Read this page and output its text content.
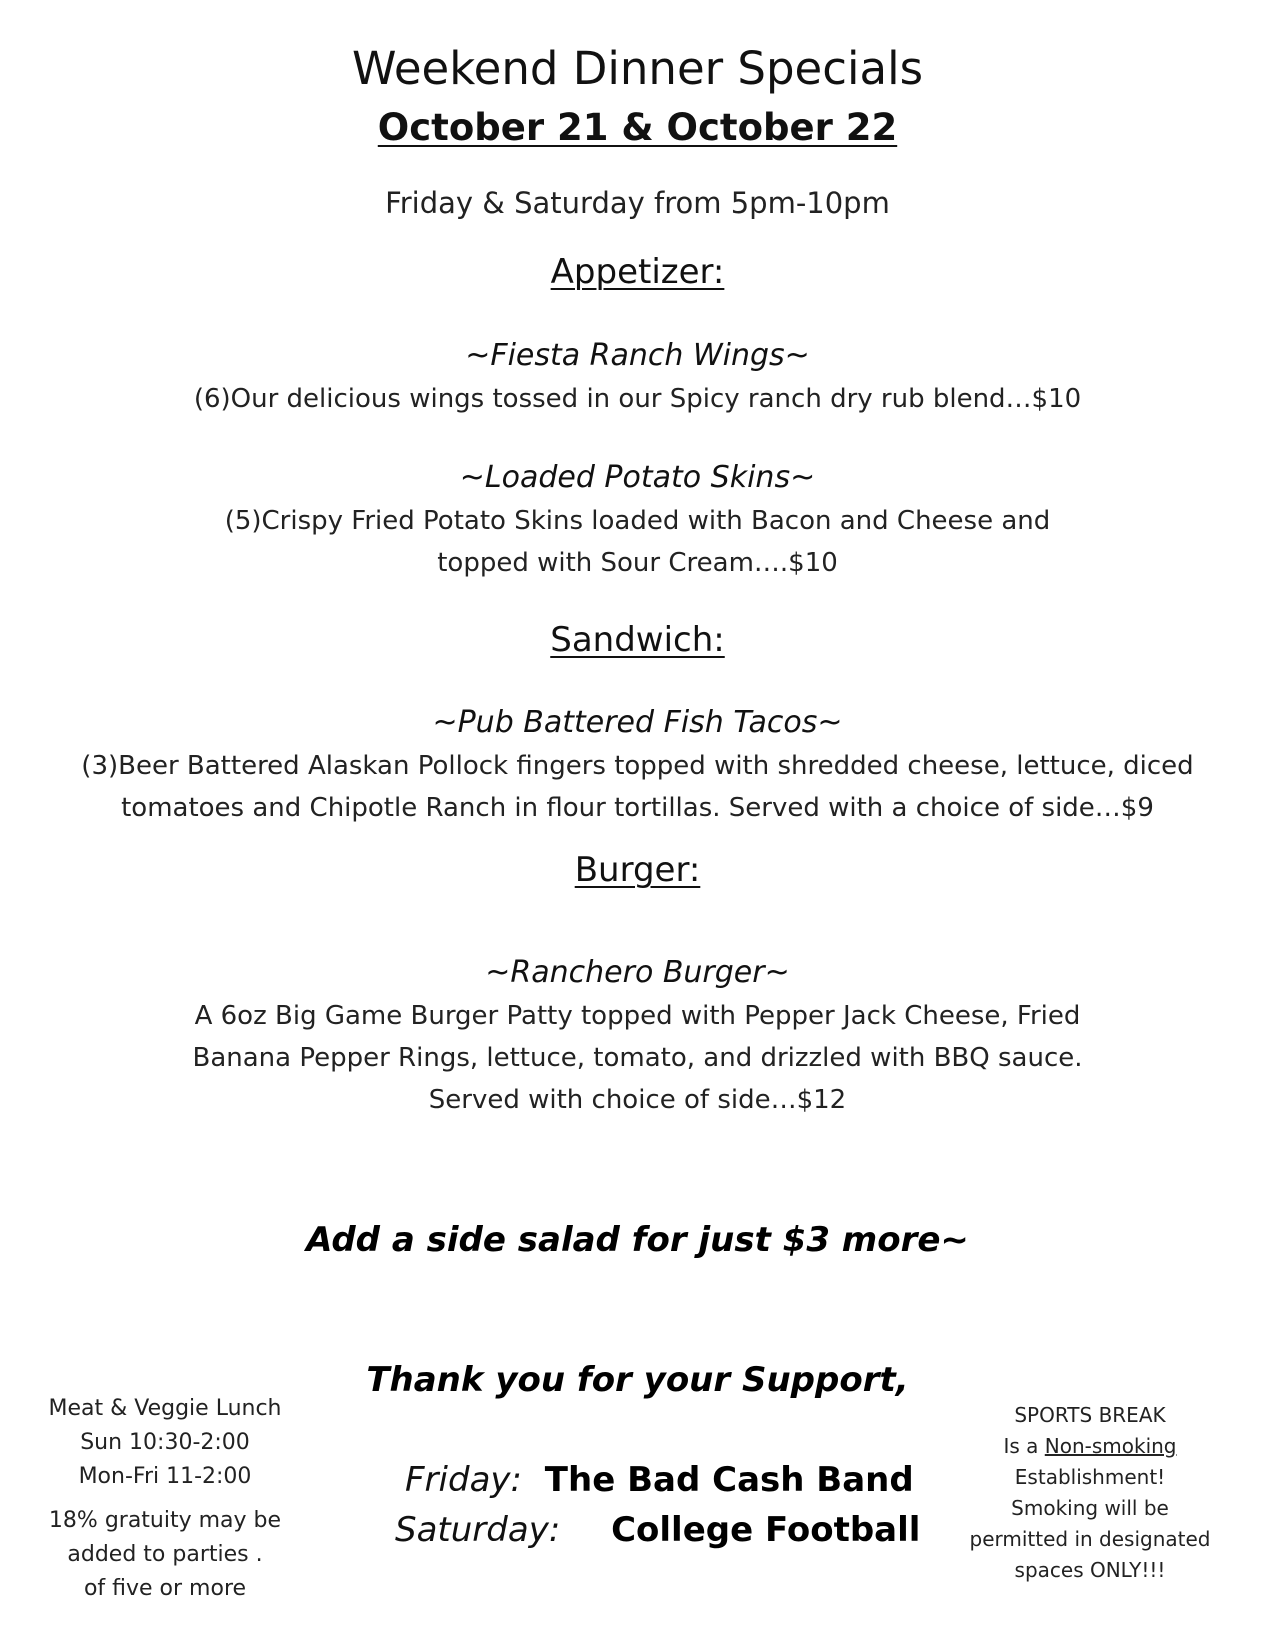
Weekend Dinner Specials
October 21 & October 22
Friday & Saturday from 5pm-10pm
Appetizer:
~Fiesta Ranch Wings~
(6)Our delicious wings tossed in our Spicy ranch dry rub blend…$10
~Loaded Potato Skins~
(5)Crispy Fried Potato Skins loaded with Bacon and Cheese and
topped with Sour Cream….$10
Sandwich:
~Pub Battered Fish Tacos~
(3)Beer Battered Alaskan Pollock fingers topped with shredded cheese, lettuce, diced
tomatoes and Chipotle Ranch in flour tortillas. Served with a choice of side…$9
Burger:
~Ranchero Burger~
A 6oz Big Game Burger Patty topped with Pepper Jack Cheese, Fried
Banana Pepper Rings, lettuce, tomato, and drizzled with BBQ sauce.
Served with choice of side…$12
Add a side salad for just $3 more~
Thank you for your Support,
Friday: The Bad Cash Band
Saturday: College Football
Meat & Veggie Lunch
Sun 10:30-2:00
Mon-Fri 11-2:00
18% gratuity may be
added to parties .
of five or more
SPORTS BREAK
Is a Non-smoking
Establishment!
Smoking will be
permitted in designated
spaces ONLY!!!
